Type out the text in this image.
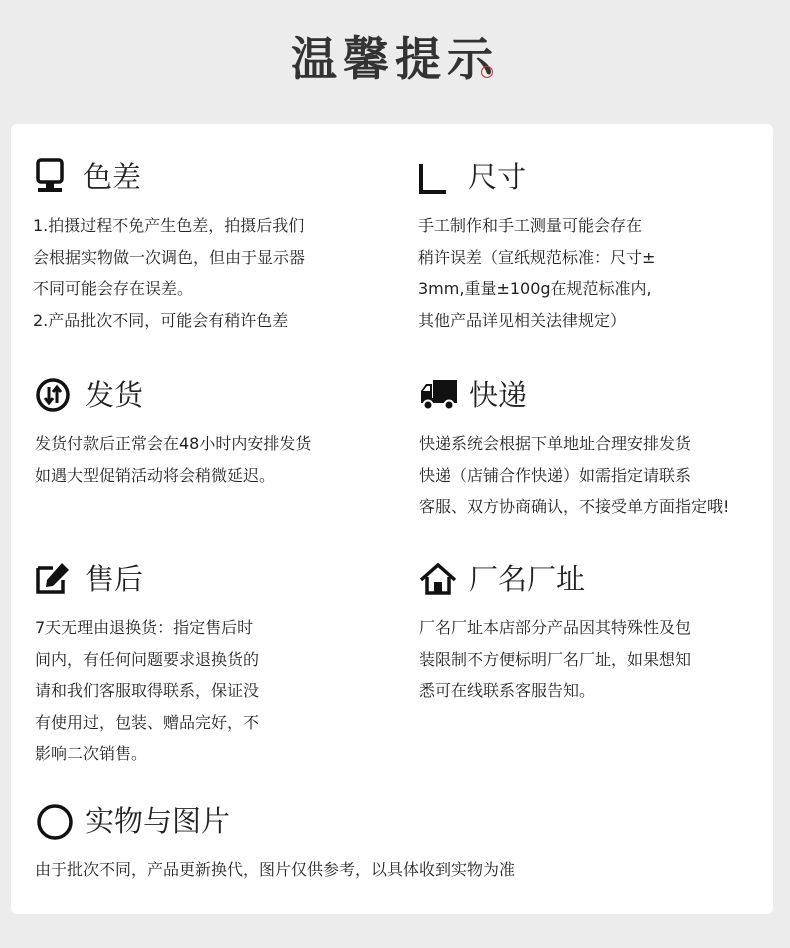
温馨提示
色差
1.拍摄过程不免产生色差，拍摄后我们
会根据实物做一次调色，但由于显示器
不同可能会存在误差。
2.产品批次不同，可能会有稍许色差
尺寸
手工制作和手工测量可能会存在
稍许误差（宣纸规范标准：尺寸±
3mm,重量±100g在规范标准内,
其他产品详见相关法律规定）
发货
发货付款后正常会在48小时内安排发货
如遇大型促销活动将会稍微延迟。
快递
快递系统会根据下单地址合理安排发货
快递（店铺合作快递）如需指定请联系
客服、双方协商确认，不接受单方面指定哦!
售后
7天无理由退换货：指定售后时
间内，有任何问题要求退换货的
请和我们客服取得联系，保证没
有使用过，包装、赠品完好，不
影响二次销售。
厂名厂址
厂名厂址本店部分产品因其特殊性及包
装限制不方便标明厂名厂址，如果想知
悉可在线联系客服告知。
实物与图片
由于批次不同，产品更新换代，图片仅供参考，以具体收到实物为准
